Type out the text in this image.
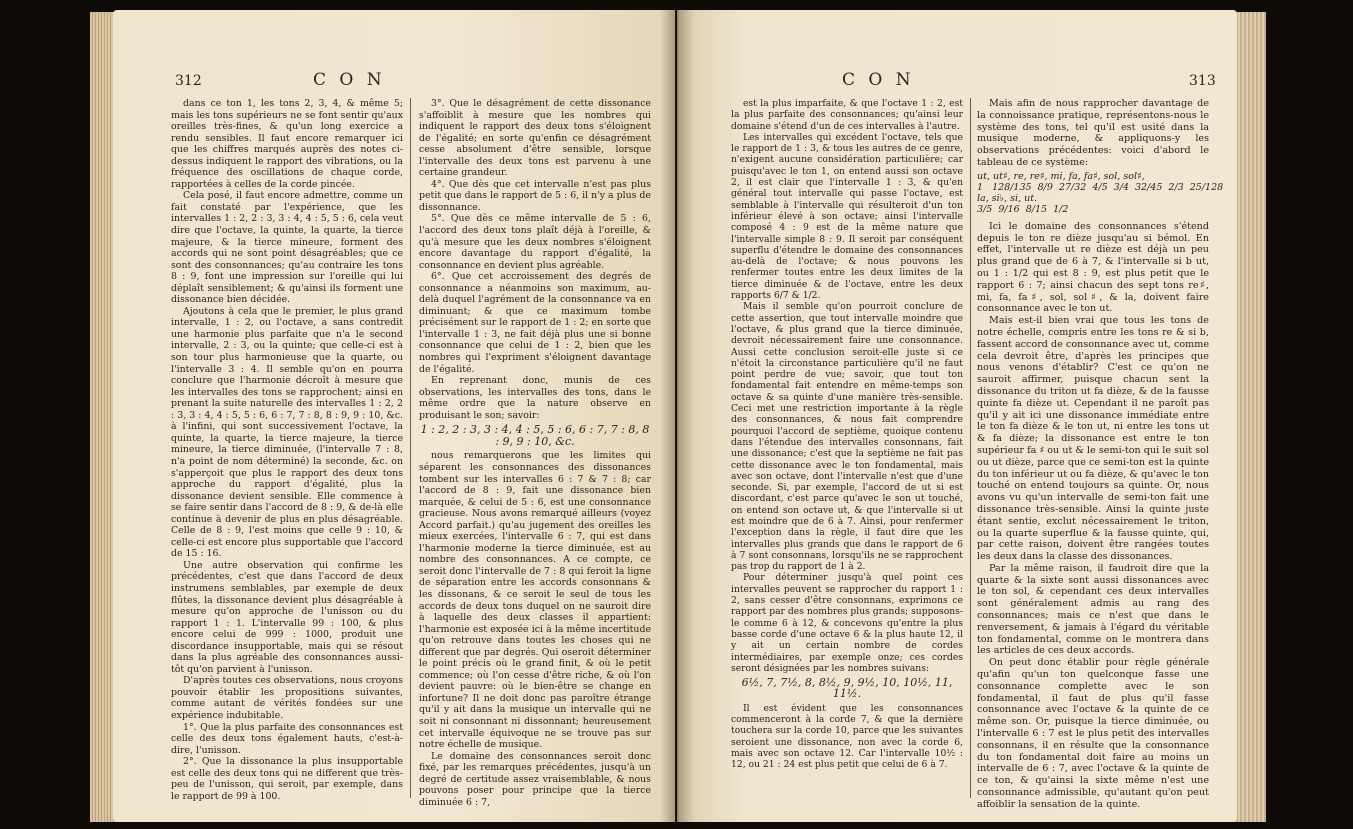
312	C O N

dans ce ton 1, les tons 2, 3, 4, & même 5; mais les tons supérieurs ne se font sentir qu'aux oreilles très-fines, & qu'un long exercice a rendu sensibles. Il faut encore remarquer ici que les chiffres marqués auprès des notes ci-dessus indiquent le rapport des vibrations, ou la fréquence des oscillations de chaque corde, rapportées à celles de la corde pincée.

Cela posé, il faut encore admettre, comme un fait constaté par l'expérience, que les intervalles 1 : 2, 2 : 3, 3 : 4, 4 : 5, 5 : 6, cela veut dire que l'octave, la quinte, la quarte, la tierce majeure, & la tierce mineure, forment des accords qui ne sont point désagréables; que ce sont des consonnances; qu'au contraire les tons 8 : 9, font une impression sur l'oreille qui lui déplaît sensiblement; & qu'ainsi ils forment une dissonance bien décidée.

Ajoutons à cela que le premier, le plus grand intervalle, 1 : 2, ou l'octave, a sans contredit une harmonie plus parfaite que n'a le second intervalle, 2 : 3, ou la quinte; que celle-ci est à son tour plus harmonieuse que la quarte, ou l'intervalle 3 : 4. Il semble qu'on en pourra conclure que l'harmonie décroît à mesure que les intervalles des tons se rapprochent; ainsi en prenant la suite naturelle des intervalles 1 : 2, 2 : 3, 3 : 4, 4 : 5, 5 : 6, 6 : 7, 7 : 8, 8 : 9, 9 : 10, &c. à l'infini, qui sont successivement l'octave, la quinte, la quarte, la tierce majeure, la tierce mineure, la tierce diminuée, (l'intervalle 7 : 8, n'a point de nom déterminé) la seconde, &c. on s'apperçoit que plus le rapport des deux tons approche du rapport d'égalité, plus la dissonance devient sensible. Elle commence à se faire sentir dans l'accord de 8 : 9, & de-là elle continue à devenir de plus en plus désagréable. Celle de 8 : 9, l'est moins que celle 9 : 10, & celle-ci est encore plus supportable que l'accord de 15 : 16.

Une autre observation qui confirme les précédentes, c'est que dans l'accord de deux instrumens semblables, par exemple de deux flûtes, la dissonance devient plus désagréable à mesure qu'on approche de l'unisson ou du rapport 1 : 1. L'intervalle 99 : 100, & plus encore celui de 999 : 1000, produit une discordance insupportable, mais qui se résout dans la plus agréable des consonnances aussi-tôt qu'on parvient à l'unisson.

D'après toutes ces observations, nous croyons pouvoir établir les propositions suivantes, comme autant de vérités fondées sur une expérience indubitable.

1°. Que la plus parfaite des consonnances est celle des deux tons également hauts, c'est-à-dire, l'unisson.

2°. Que la dissonance la plus insupportable est celle des deux tons qui ne different que très-peu de l'unisson, qui seroit, par exemple, dans le rapport de 99 à 100.

3°. Que le désagrément de cette dissonance s'affoiblit à mesure que les nombres qui indiquent le rapport des deux tons s'éloignent de l'égalité; en sorte qu'enfin ce désagrément cesse absolument d'être sensible, lorsque l'intervalle des deux tons est parvenu à une certaine grandeur.

4°. Que dès que cet intervalle n'est pas plus petit que dans le rapport de 5 : 6, il n'y a plus de dissonnance.

5°. Que dès ce même intervalle de 5 : 6, l'accord des deux tons plaît déjà à l'oreille, & qu'à mesure que les deux nombres s'éloignent encore davantage du rapport d'égalité, la consonnance en devient plus agréable.

6°. Que cet accroissement des degrés de consonnance a néanmoins son maximum, au-delà duquel l'agrément de la consonnance va en diminuant; & que ce maximum tombe précisément sur le rapport de 1 : 2; en sorte que l'intervalle 1 : 3, ne fait déjà plus une si bonne consonnance que celui de 1 : 2, bien que les nombres qui l'expriment s'éloignent davantage de l'égalité.

En reprenant donc, munis de ces observations, les intervalles des tons, dans le même ordre que la nature observe en produisant le son; savoir:

1 : 2, 2 : 3, 3 : 4, 4 : 5, 5 : 6, 6 : 7, 7 : 8, 8 : 9, 9 : 10, &c.

nous remarquerons que les limites qui séparent les consonnances des dissonances tombent sur les intervalles 6 : 7 & 7 : 8; car l'accord de 8 : 9, fait une dissonance bien marquée, & celui de 5 : 6, est une consonnance gracieuse. Nous avons remarqué ailleurs (voyez Accord parfait.) qu'au jugement des oreilles les mieux exercées, l'intervalle 6 : 7, qui est dans l'harmonie moderne la tierce diminuée, est au nombre des consonnances. A ce compte, ce seroit donc l'intervalle de 7 : 8 qui feroit la ligne de séparation entre les accords consonnans & les dissonans, & ce seroit le seul de tous les accords de deux tons duquel on ne sauroit dire à laquelle des deux classes il appartient: l'harmonie est exposée ici à la même incertitude qu'on retrouve dans toutes les choses qui ne different que par degrés. Qui oseroit déterminer le point précis où le grand finit, & où le petit commence; où l'on cesse d'être riche, & où l'on devient pauvre: où le bien-être se change en infortune? Il ne doit donc pas paroître étrange qu'il y ait dans la musique un intervalle qui ne soit ni consonnant ni dissonnant; heureusement cet intervalle équivoque ne se trouve pas sur notre échelle de musique.

Le domaine des consonnances seroit donc fixé, par les remarques précédentes, jusqu'à un degré de certitude assez vraisemblable, & nous pouvons poser pour principe que la tierce diminuée 6 : 7,

C O N	313

est la plus imparfaite, & que l'octave 1 : 2, est la plus parfaite des consonnances; qu'ainsi leur domaine s'étend d'un de ces intervalles à l'autre.

Les intervalles qui excédent l'octave, tels que le rapport de 1 : 3, & tous les autres de ce genre, n'exigent aucune considération particulière; car puisqu'avec le ton 1, on entend aussi son octave 2, il est clair que l'intervalle 1 : 3, & qu'en général tout intervalle qui passe l'octave, est semblable à l'intervalle qui résulteroit d'un ton inférieur élevé à son octave; ainsi l'intervalle composé 4 : 9 est de la même nature que l'intervalle simple 8 : 9. Il seroit par conséquent superflu d'étendre le domaine des consonnances au-delà de l'octave; & nous pouvons les renfermer toutes entre les deux limites de la tierce diminuée & de l'octave, entre les deux rapports 6/7 & 1/2.

Mais il semble qu'on pourroit conclure de cette assertion, que tout intervalle moindre que l'octave, & plus grand que la tierce diminuée, devroit nécessairement faire une consonnance. Aussi cette conclusion seroit-elle juste si ce n'étoit la circonstance particulière qu'il ne faut point perdre de vue; savoir, que tout ton fondamental fait entendre en même-temps son octave & sa quinte d'une manière très-sensible. Ceci met une restriction importante à la règle des consonnances, & nous fait comprendre pourquoi l'accord de septième, quoique contenu dans l'étendue des intervalles consonnans, fait une dissonance; c'est que la septième ne fait pas cette dissonance avec le ton fondamental, mais avec son octave, dont l'intervalle n'est que d'une seconde. Si, par exemple, l'accord de ut si est discordant, c'est parce qu'avec le son ut touché, on entend son octave ut, & que l'intervalle si ut est moindre que de 6 à 7. Ainsi, pour renfermer l'exception dans la règle, il faut dire que les intervalles plus grands que dans le rapport de 6 à 7 sont consonnans, lorsqu'ils ne se rapprochent pas trop du rapport de 1 à 2.

Pour déterminer jusqu'à quel point ces intervalles peuvent se rapprocher du rapport 1 : 2, sans cesser d'être consonnans, exprimons ce rapport par des nombres plus grands; supposons-le comme 6 à 12, & concevons qu'entre la plus basse corde d'une octave 6 & la plus haute 12, il y ait un certain nombre de cordes intermédiaires, par exemple onze; ces cordes seront désignées par les nombres suivans:

6½, 7, 7½, 8, 8½, 9, 9½, 10, 10½, 11, 11½.

Il est évident que les consonnances commenceront à la corde 7, & que la dernière touchera sur la corde 10, parce que les suivantes seroient une dissonance, non avec la corde 6, mais avec son octave 12. Car l'intervalle 10½ : 12, ou 21 : 24 est plus petit que celui de 6 à 7.

Mais afin de nous rapprocher davantage de la connoissance pratique, représentons-nous le système des tons, tel qu'il est usité dans la musique moderne, & appliquons-y les observations précédentes: voici d'abord le tableau de ce système:

ut, ut♯, re, re♯, mi, fa, fa♯, sol, sol♯,
1   128/135  8/9  27/32  4/5  3/4  32/45  2/3  25/128
la, si♭, si, ut.
3/5  9/16  8/15  1/2

Ici le domaine des consonnances s'étend depuis le ton re dièze jusqu'au si bémol. En effet, l'intervalle ut re dièze est déjà un peu plus grand que de 6 à 7, & l'intervalle si b ut, ou 1 : 1/2 qui est 8 : 9, est plus petit que le rapport 6 : 7; ainsi chacun des sept tons re♯, mi, fa, fa♯, sol, sol♯, & la, doivent faire consonnance avec le ton ut.

Mais est-il bien vrai que tous les tons de notre échelle, compris entre les tons re & si b, fassent accord de consonnance avec ut, comme cela devroit être, d'après les principes que nous venons d'établir? C'est ce qu'on ne sauroit affirmer, puisque chacun sent la dissonance du triton ut fa dièze, & de la fausse quinte fa dièze ut. Cependant il ne paroît pas qu'il y ait ici une dissonance immédiate entre le ton fa dièze & le ton ut, ni entre les tons ut & fa dièze; la dissonance est entre le ton supérieur fa ♯ ou ut & le semi-ton qui le suit sol ou ut dièze, parce que ce semi-ton est la quinte du ton inférieur ut ou fa dièze, & qu'avec le ton touché on entend toujours sa quinte. Or, nous avons vu qu'un intervalle de semi-ton fait une dissonance très-sensible. Ainsi la quinte juste étant sentie, exclut nécessairement le triton, ou la quarte superflue & la fausse quinte, qui, par cette raison, doivent être rangées toutes les deux dans la classe des dissonances.

Par la même raison, il faudroit dire que la quarte & la sixte sont aussi dissonances avec le ton sol, & cependant ces deux intervalles sont généralement admis au rang des consonnances; mais ce n'est que dans le renversement, & jamais à l'égard du véritable ton fondamental, comme on le montrera dans les articles de ces deux accords.

On peut donc établir pour règle générale qu'afin qu'un ton quelconque fasse une consonnance complette avec le son fondamental, il faut de plus qu'il fasse consonnance avec l'octave & la quinte de ce même son. Or, puisque la tierce diminuée, ou l'intervalle 6 : 7 est le plus petit des intervalles consonnans, il en résulte que la consonnance du ton fondamental doit faire au moins un intervalle de 6 : 7, avec l'octave & la quinte de ce ton, & qu'ainsi la sixte même n'est une consonnance admissible, qu'autant qu'on peut affoiblir la sensation de la quinte.
